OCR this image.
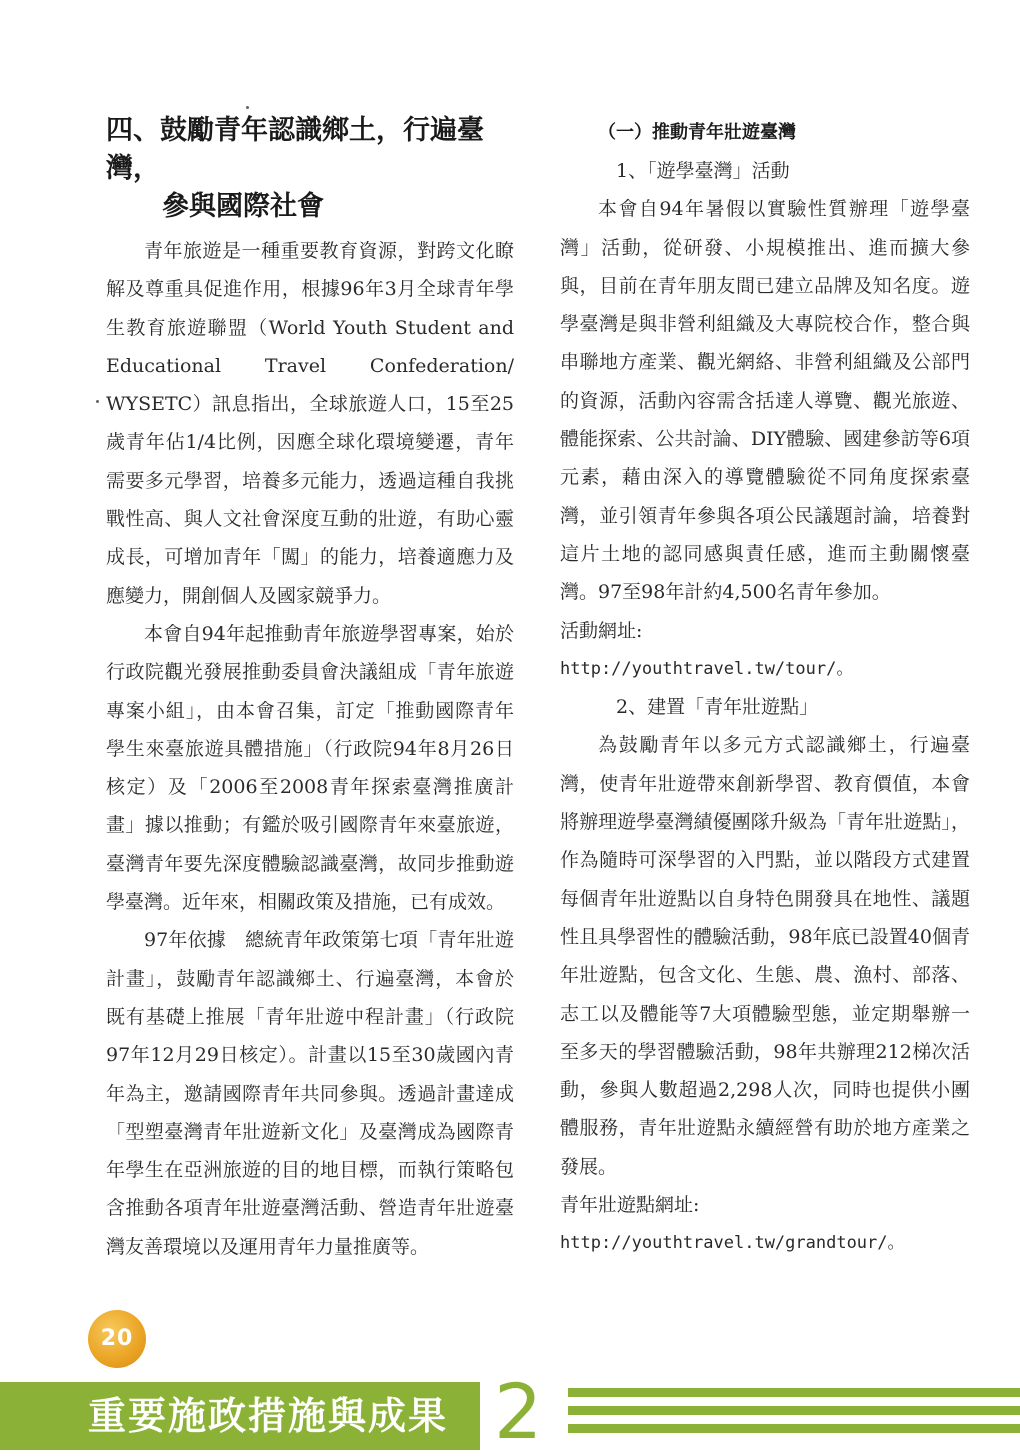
四、鼓勵青年認識鄉土，行遍臺灣，
參與國際社會

青年旅遊是一種重要教育資源，對跨文化瞭解及尊重具促進作用，根據96年3月全球青年學生教育旅遊聯盟（World Youth Student and Educational Travel Confederation/ WYSETC）訊息指出，全球旅遊人口，15至25歲青年佔1/4比例，因應全球化環境變遷，青年需要多元學習，培養多元能力，透過這種自我挑戰性高、與人文社會深度互動的壯遊，有助心靈成長，可增加青年「闖」的能力，培養適應力及應變力，開創個人及國家競爭力。

本會自94年起推動青年旅遊學習專案，始於行政院觀光發展推動委員會決議組成「青年旅遊專案小組」，由本會召集，訂定「推動國際青年學生來臺旅遊具體措施」（行政院94年8月26日核定）及「2006至2008青年探索臺灣推廣計畫」據以推動；有鑑於吸引國際青年來臺旅遊，臺灣青年要先深度體驗認識臺灣，故同步推動遊學臺灣。近年來，相關政策及措施，已有成效。

97年依據　總統青年政策第七項「青年壯遊計畫」，鼓勵青年認識鄉土、行遍臺灣，本會於既有基礎上推展「青年壯遊中程計畫」（行政院97年12月29日核定）。計畫以15至30歲國內青年為主，邀請國際青年共同參與。透過計畫達成「型塑臺灣青年壯遊新文化」及臺灣成為國際青年學生在亞洲旅遊的目的地目標，而執行策略包含推動各項青年壯遊臺灣活動、營造青年壯遊臺灣友善環境以及運用青年力量推廣等。

（一）推動青年壯遊臺灣
1、「遊學臺灣」活動

本會自94年暑假以實驗性質辦理「遊學臺灣」活動，從研發、小規模推出、進而擴大參與，目前在青年朋友間已建立品牌及知名度。遊學臺灣是與非營利組織及大專院校合作，整合與串聯地方產業、觀光網絡、非營利組織及公部門的資源，活動內容需含括達人導覽、觀光旅遊、體能探索、公共討論、DIY體驗、國建參訪等6項元素，藉由深入的導覽體驗從不同角度探索臺灣，並引領青年參與各項公民議題討論，培養對這片土地的認同感與責任感，進而主動關懷臺灣。97至98年計約4,500名青年參加。

活動網址:

http://youthtravel.tw/tour/。

2、建置「青年壯遊點」

為鼓勵青年以多元方式認識鄉土，行遍臺灣，使青年壯遊帶來創新學習、教育價值，本會將辦理遊學臺灣績優團隊升級為「青年壯遊點」，作為隨時可深學習的入門點，並以階段方式建置每個青年壯遊點以自身特色開發具在地性、議題性且具學習性的體驗活動，98年底已設置40個青年壯遊點，包含文化、生態、農、漁村、部落、志工以及體能等7大項體驗型態，並定期舉辦一至多天的學習體驗活動，98年共辦理212梯次活動，參與人數超過2,298人次，同時也提供小團體服務，青年壯遊點永續經營有助於地方產業之發展。

青年壯遊點網址:

http://youthtravel.tw/grandtour/。

20
重要施政措施與成果 2
